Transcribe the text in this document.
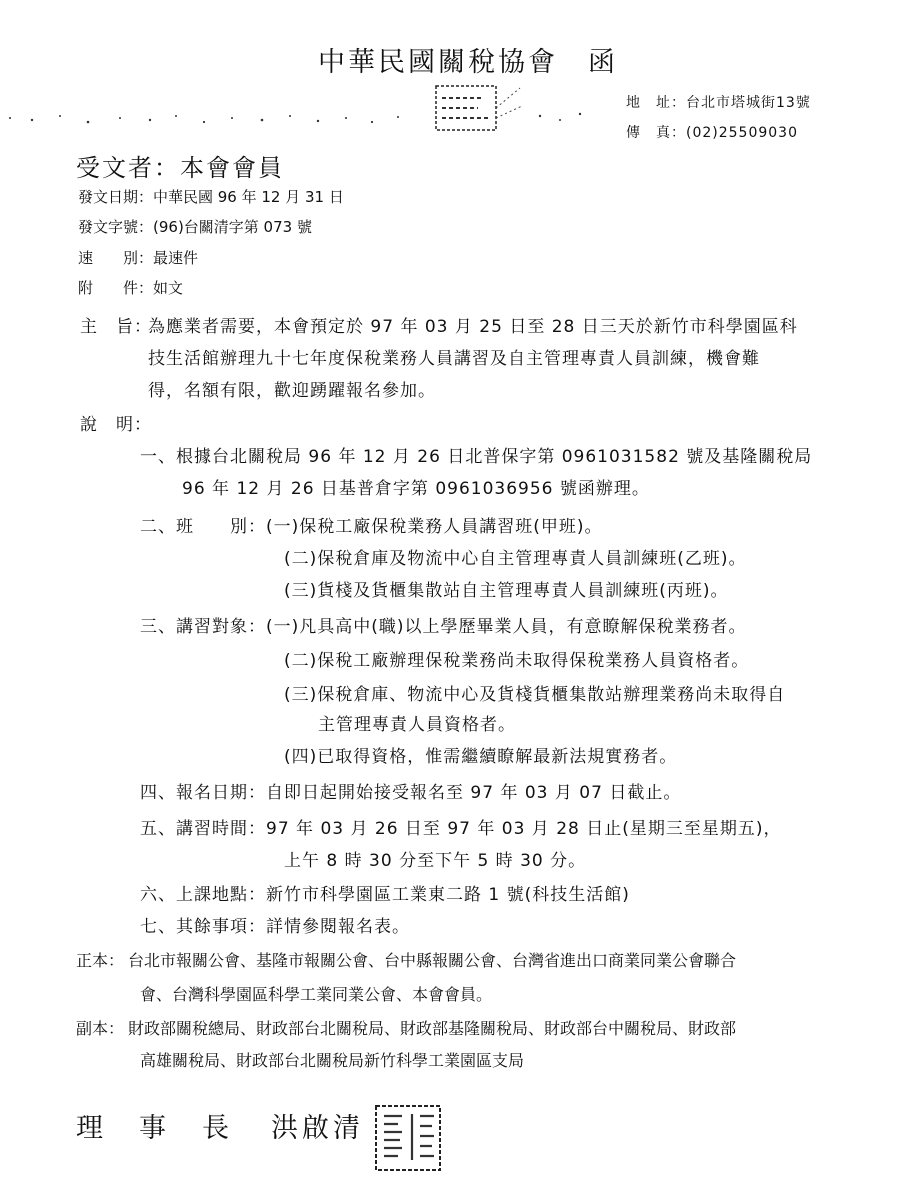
中華民國關稅協會　函
地　址：台北市塔城街13號
傳　真：(02)25509030
受文者：本會會員
發文日期：中華民國 96 年 12 月 31 日
發文字號：(96)台關清字第 073 號
速　　別：最速件
附　　件：如文
主　旨：
為應業者需要，本會預定於 97 年 03 月 25 日至 28 日三天於新竹市科學園區科
技生活館辦理九十七年度保稅業務人員講習及自主管理專責人員訓練，機會難
得，名額有限，歡迎踴躍報名參加。
說　明：
一、根據台北關稅局 96 年 12 月 26 日北普保字第 0961031582 號及基隆關稅局
96 年 12 月 26 日基普倉字第 0961036956 號函辦理。
二、班　　別：(一)保稅工廠保稅業務人員講習班(甲班)。
(二)保稅倉庫及物流中心自主管理專責人員訓練班(乙班)。
(三)貨棧及貨櫃集散站自主管理專責人員訓練班(丙班)。
三、講習對象：(一)凡具高中(職)以上學歷畢業人員，有意瞭解保稅業務者。
(二)保稅工廠辦理保稅業務尚未取得保稅業務人員資格者。
(三)保稅倉庫、物流中心及貨棧貨櫃集散站辦理業務尚未取得自
主管理專責人員資格者。
(四)已取得資格，惟需繼續瞭解最新法規實務者。
四、報名日期：自即日起開始接受報名至 97 年 03 月 07 日截止。
五、講習時間：97 年 03 月 26 日至 97 年 03 月 28 日止(星期三至星期五)，
上午 8 時 30 分至下午 5 時 30 分。
六、上課地點：新竹市科學園區工業東二路 1 號(科技生活館)
七、其餘事項：詳情參閱報名表。
正本： 台北市報關公會、基隆市報關公會、台中縣報關公會、台灣省進出口商業同業公會聯合
會、台灣科學園區科學工業同業公會、本會會員。
副本： 財政部關稅總局、財政部台北關稅局、財政部基隆關稅局、財政部台中關稅局、財政部
高雄關稅局、財政部台北關稅局新竹科學工業園區支局
理 事 長 洪啟清
